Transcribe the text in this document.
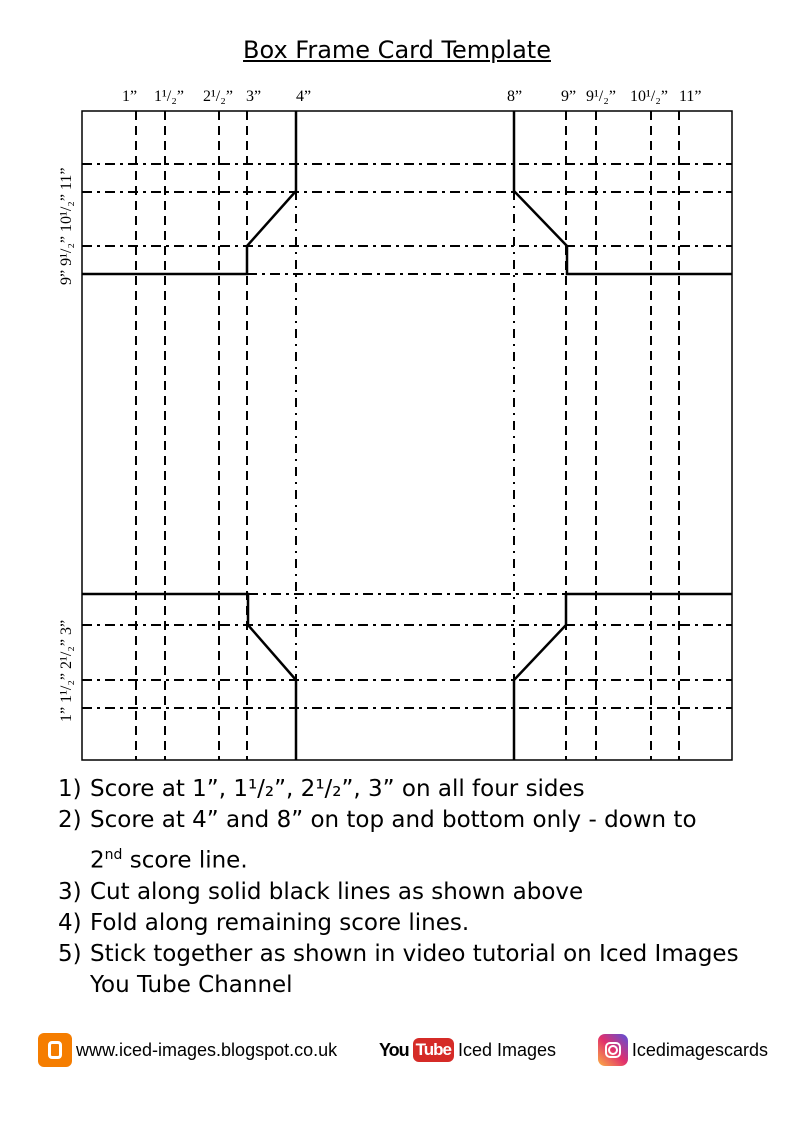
Box Frame Card Template
1” 1¹/₂” 2¹/₂” 3” 4”	8” 9” 9¹/₂” 10¹/₂” 11”
9” 9¹/₂” 10¹/₂” 11”
1” 1¹/₂” 2¹/₂” 3”
1) Score at 1”, 1¹/₂”, 2¹/₂”, 3” on all four sides
2) Score at 4” and 8” on top and bottom only - down to
2nd score line.
3) Cut along solid black lines as shown above
4) Fold along remaining score lines.
5) Stick together as shown in video tutorial on Iced Images
You Tube Channel
www.iced-images.blogspot.co.uk You Tube Iced Images	Icedimagescards
